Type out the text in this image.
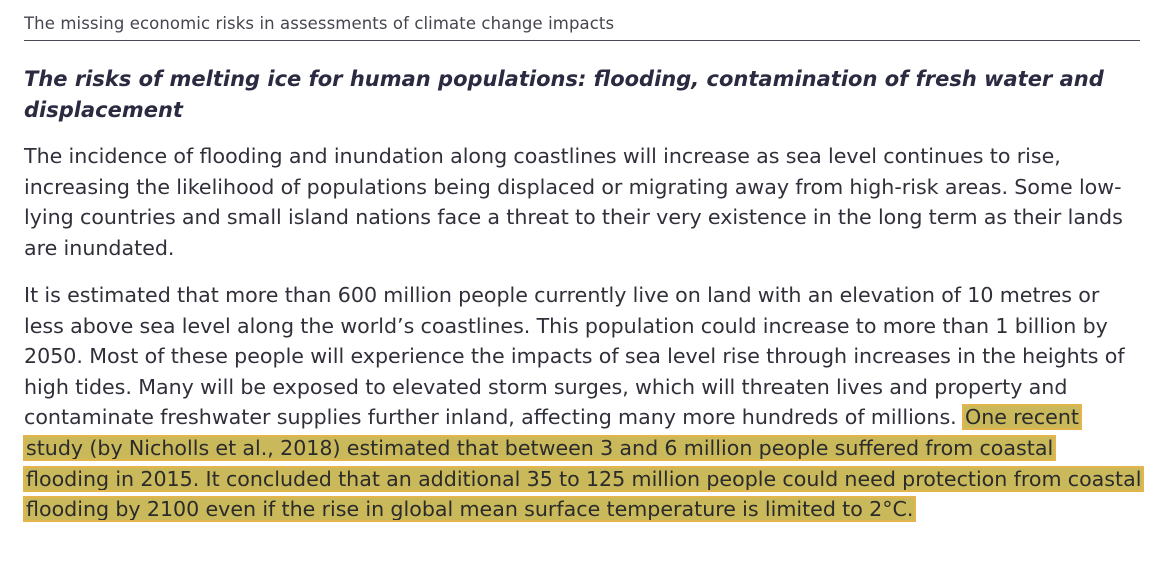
The missing economic risks in assessments of climate change impacts
The risks of melting ice for human populations: flooding, contamination of fresh water and displacement

The incidence of flooding and inundation along coastlines will increase as sea level continues to rise, increasing the likelihood of populations being displaced or migrating away from high-risk areas. Some low-lying countries and small island nations face a threat to their very existence in the long term as their lands are inundated.

It is estimated that more than 600 million people currently live on land with an elevation of 10 metres or less above sea level along the world’s coastlines. This population could increase to more than 1 billion by 2050. Most of these people will experience the impacts of sea level rise through increases in the heights of high tides. Many will be exposed to elevated storm surges, which will threaten lives and property and contaminate freshwater supplies further inland, affecting many more hundreds of millions. One recent study (by Nicholls et al., 2018) estimated that between 3 and 6 million people suffered from coastal flooding in 2015. It concluded that an additional 35 to 125 million people could need protection from coastal flooding by 2100 even if the rise in global mean surface temperature is limited to 2°C.
